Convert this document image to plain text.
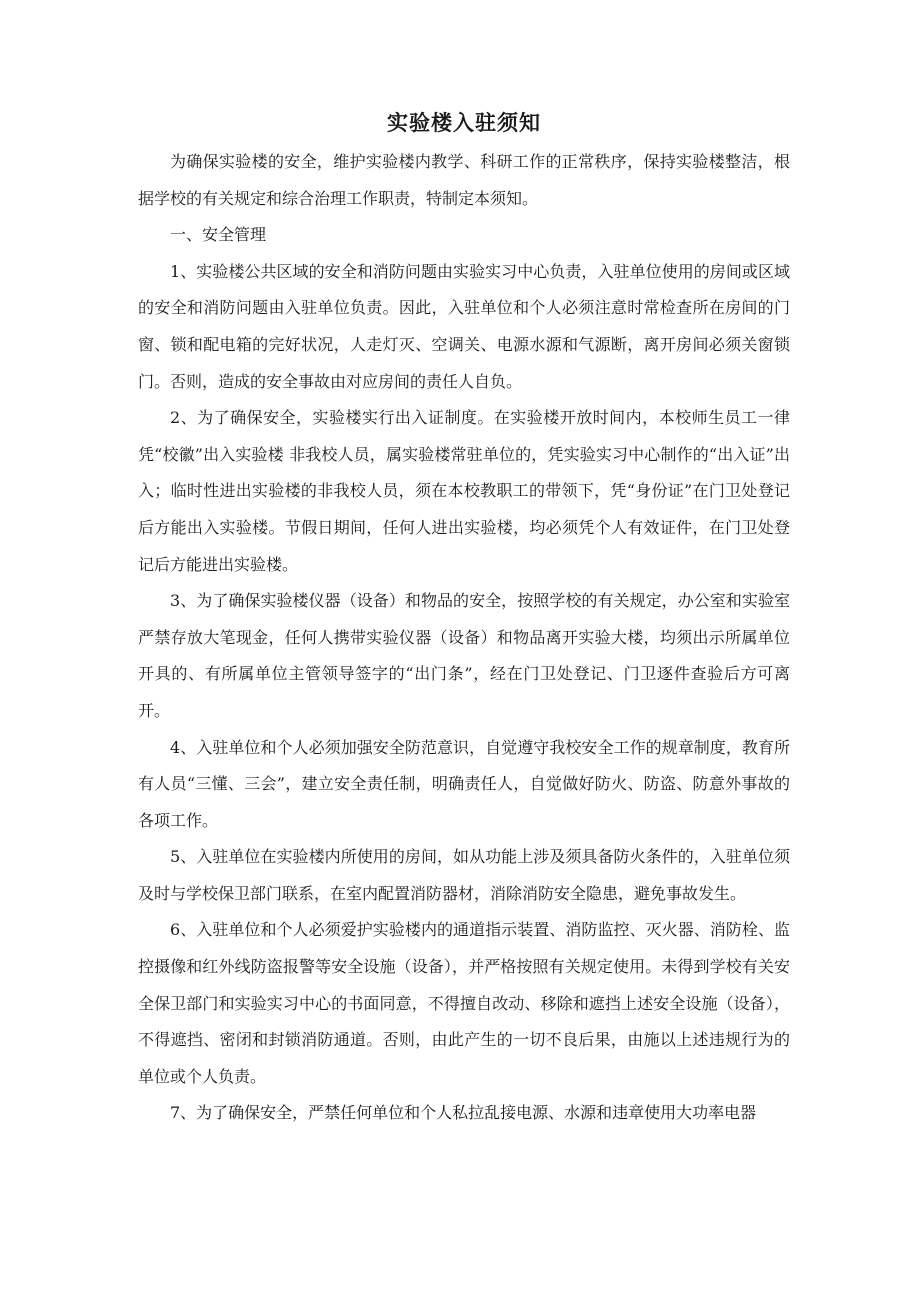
实验楼入驻须知

为确保实验楼的安全，维护实验楼内教学、科研工作的正常秩序，保持实验楼整洁，根据学校的有关规定和综合治理工作职责，特制定本须知。

一、安全管理

1、实验楼公共区域的安全和消防问题由实验实习中心负责，入驻单位使用的房间或区域的安全和消防问题由入驻单位负责。因此，入驻单位和个人必须注意时常检查所在房间的门窗、锁和配电箱的完好状况，人走灯灭、空调关、电源水源和气源断，离开房间必须关窗锁门。否则，造成的安全事故由对应房间的责任人自负。

2、为了确保安全，实验楼实行出入证制度。在实验楼开放时间内，本校师生员工一律凭“校徽”出入实验楼 非我校人员，属实验楼常驻单位的，凭实验实习中心制作的“出入证”出入；临时性进出实验楼的非我校人员，须在本校教职工的带领下，凭“身份证”在门卫处登记后方能出入实验楼。节假日期间，任何人进出实验楼，均必须凭个人有效证件，在门卫处登记后方能进出实验楼。

3、为了确保实验楼仪器（设备）和物品的安全，按照学校的有关规定，办公室和实验室严禁存放大笔现金，任何人携带实验仪器（设备）和物品离开实验大楼，均须出示所属单位开具的、有所属单位主管领导签字的“出门条”，经在门卫处登记、门卫逐件查验后方可离开。

4、入驻单位和个人必须加强安全防范意识，自觉遵守我校安全工作的规章制度，教育所有人员“三懂、三会”，建立安全责任制，明确责任人，自觉做好防火、防盗、防意外事故的各项工作。

5、入驻单位在实验楼内所使用的房间，如从功能上涉及须具备防火条件的，入驻单位须及时与学校保卫部门联系，在室内配置消防器材，消除消防安全隐患，避免事故发生。

6、入驻单位和个人必须爱护实验楼内的通道指示装置、消防监控、灭火器、消防栓、监控摄像和红外线防盗报警等安全设施（设备），并严格按照有关规定使用。未得到学校有关安全保卫部门和实验实习中心的书面同意，不得擅自改动、移除和遮挡上述安全设施（设备），不得遮挡、密闭和封锁消防通道。否则，由此产生的一切不良后果，由施以上述违规行为的单位或个人负责。

7、为了确保安全，严禁任何单位和个人私拉乱接电源、水源和违章使用大功率电器
